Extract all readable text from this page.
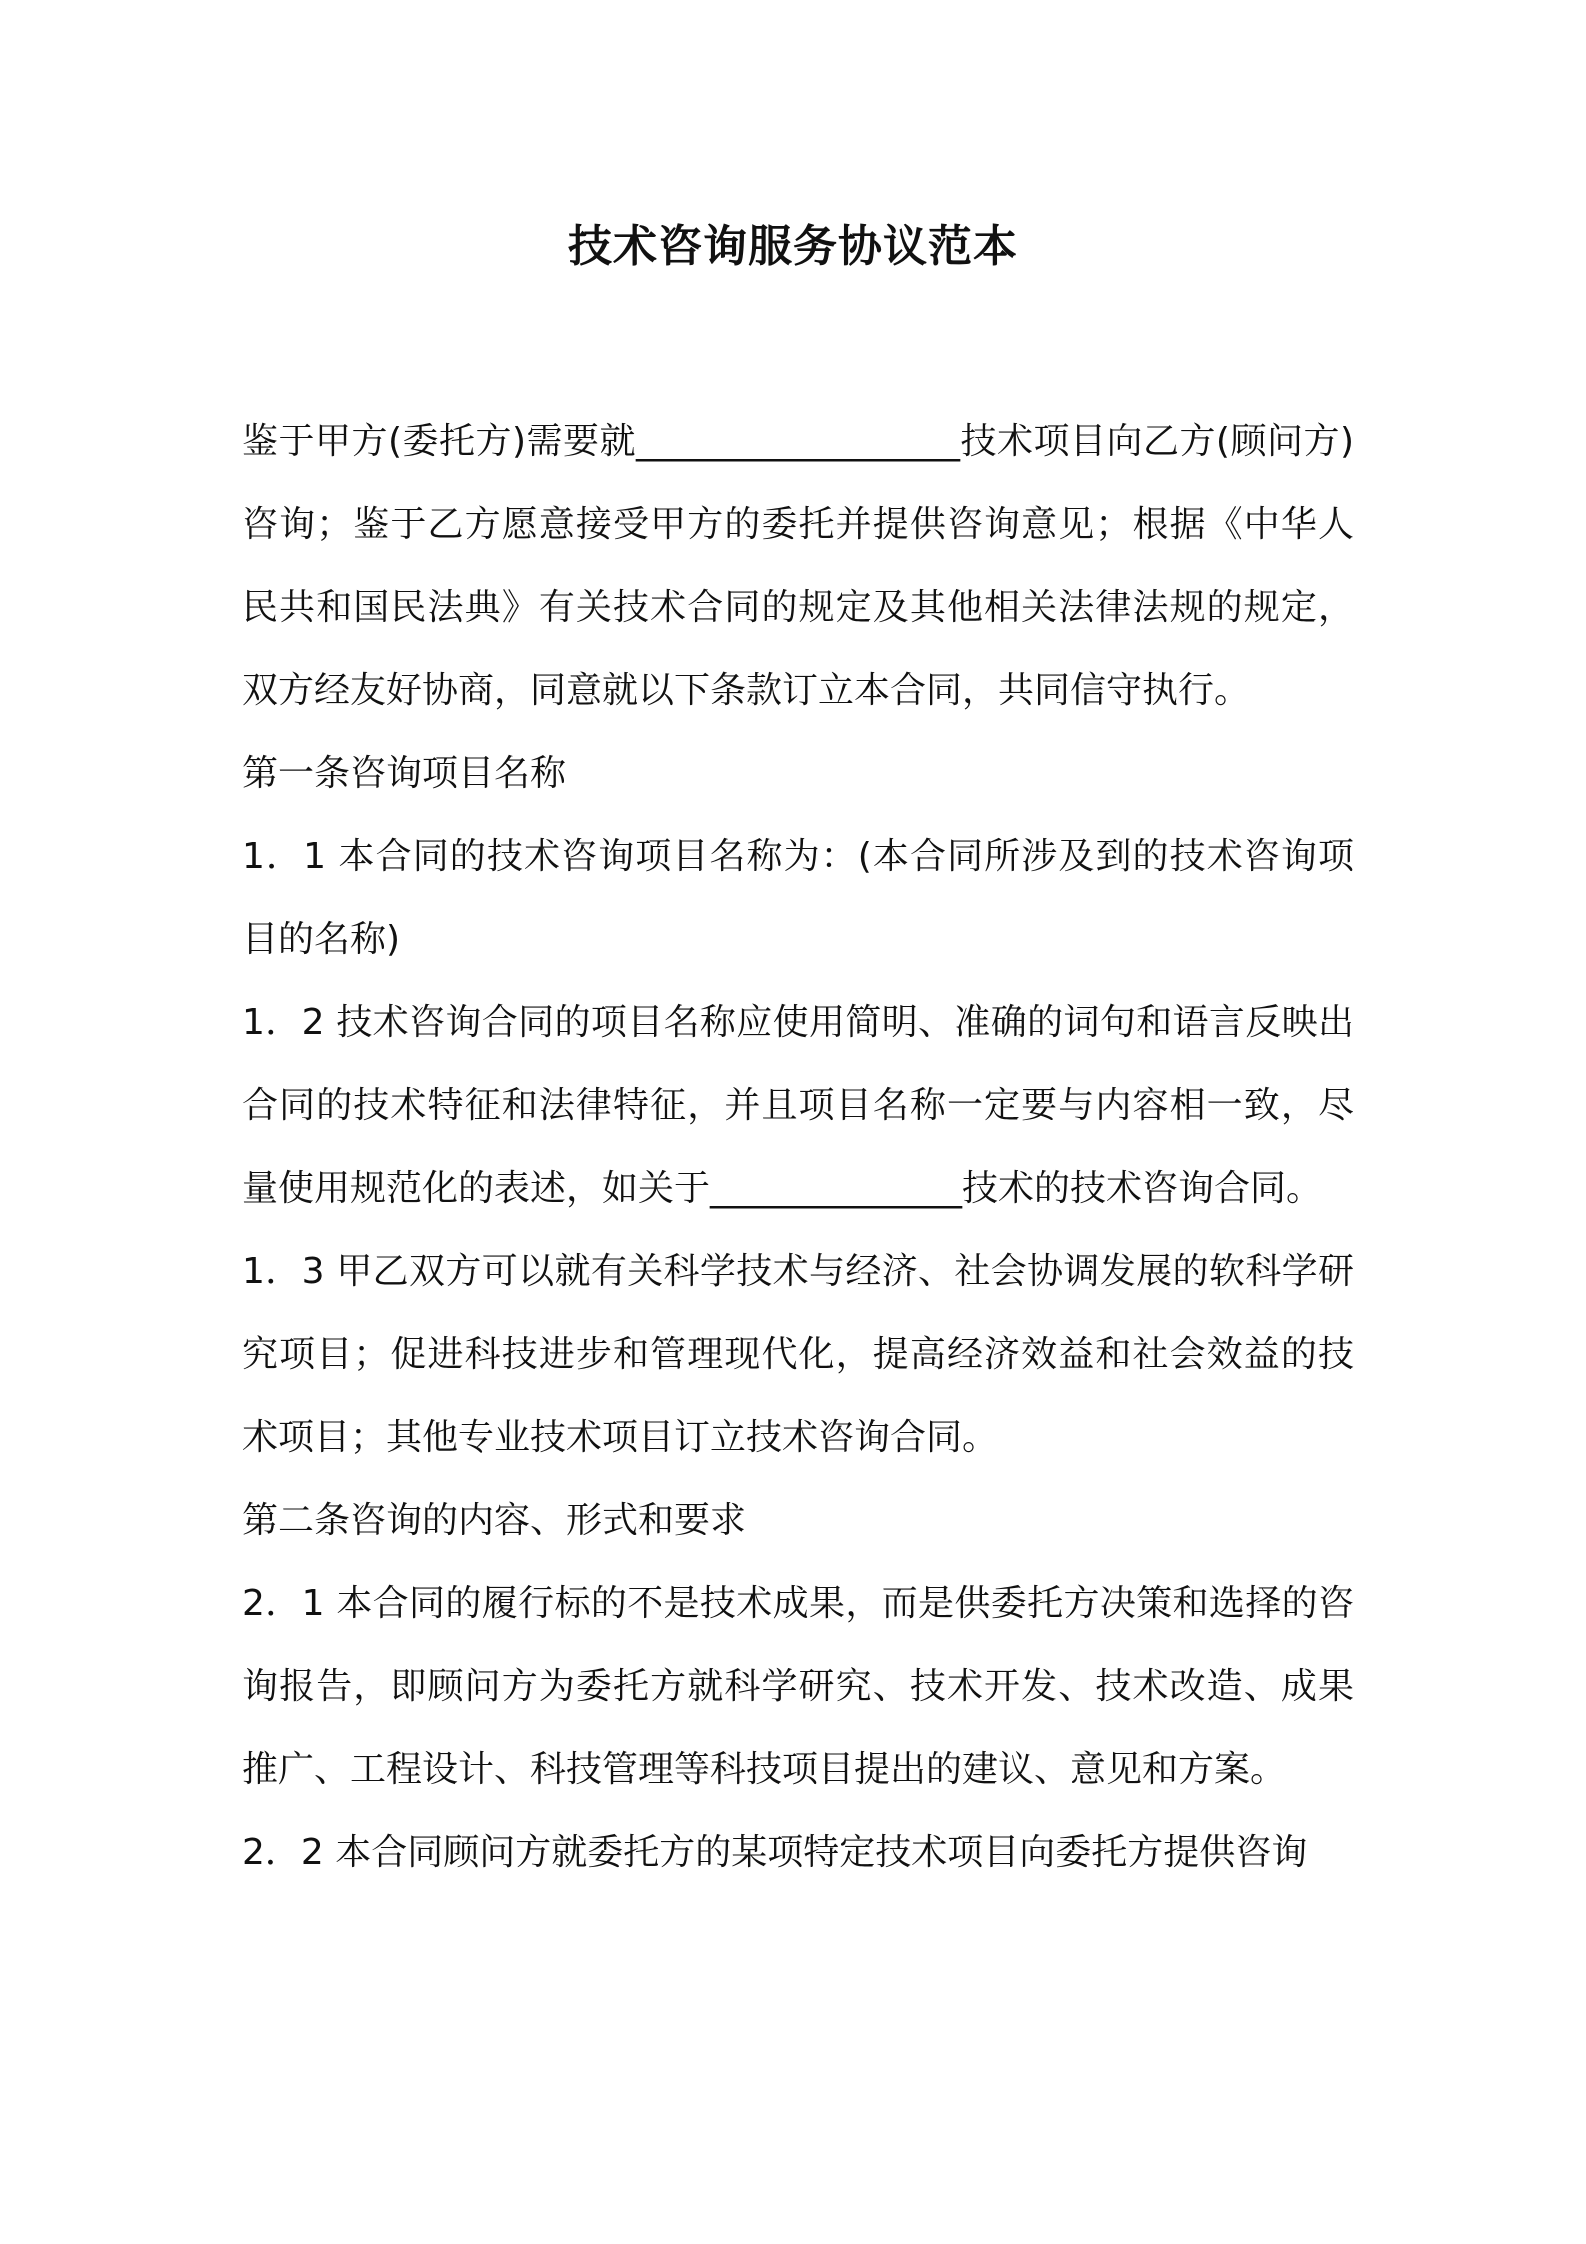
技术咨询服务协议范本

鉴于甲方(委托方)需要就__________________技术项目向乙方(顾问方)咨询；鉴于乙方愿意接受甲方的委托并提供咨询意见；根据《中华人民共和国民法典》有关技术合同的规定及其他相关法律法规的规定，双方经友好协商，同意就以下条款订立本合同，共同信守执行。

第一条咨询项目名称

1．1 本合同的技术咨询项目名称为：(本合同所涉及到的技术咨询项目的名称)

1．2 技术咨询合同的项目名称应使用简明、准确的词句和语言反映出合同的技术特征和法律特征，并且项目名称一定要与内容相一致，尽量使用规范化的表述，如关于______________技术的技术咨询合同。

1．3 甲乙双方可以就有关科学技术与经济、社会协调发展的软科学研究项目；促进科技进步和管理现代化，提高经济效益和社会效益的技术项目；其他专业技术项目订立技术咨询合同。

第二条咨询的内容、形式和要求

2．1 本合同的履行标的不是技术成果，而是供委托方决策和选择的咨询报告，即顾问方为委托方就科学研究、技术开发、技术改造、成果推广、工程设计、科技管理等科技项目提出的建议、意见和方案。

2．2 本合同顾问方就委托方的某项特定技术项目向委托方提供咨询
